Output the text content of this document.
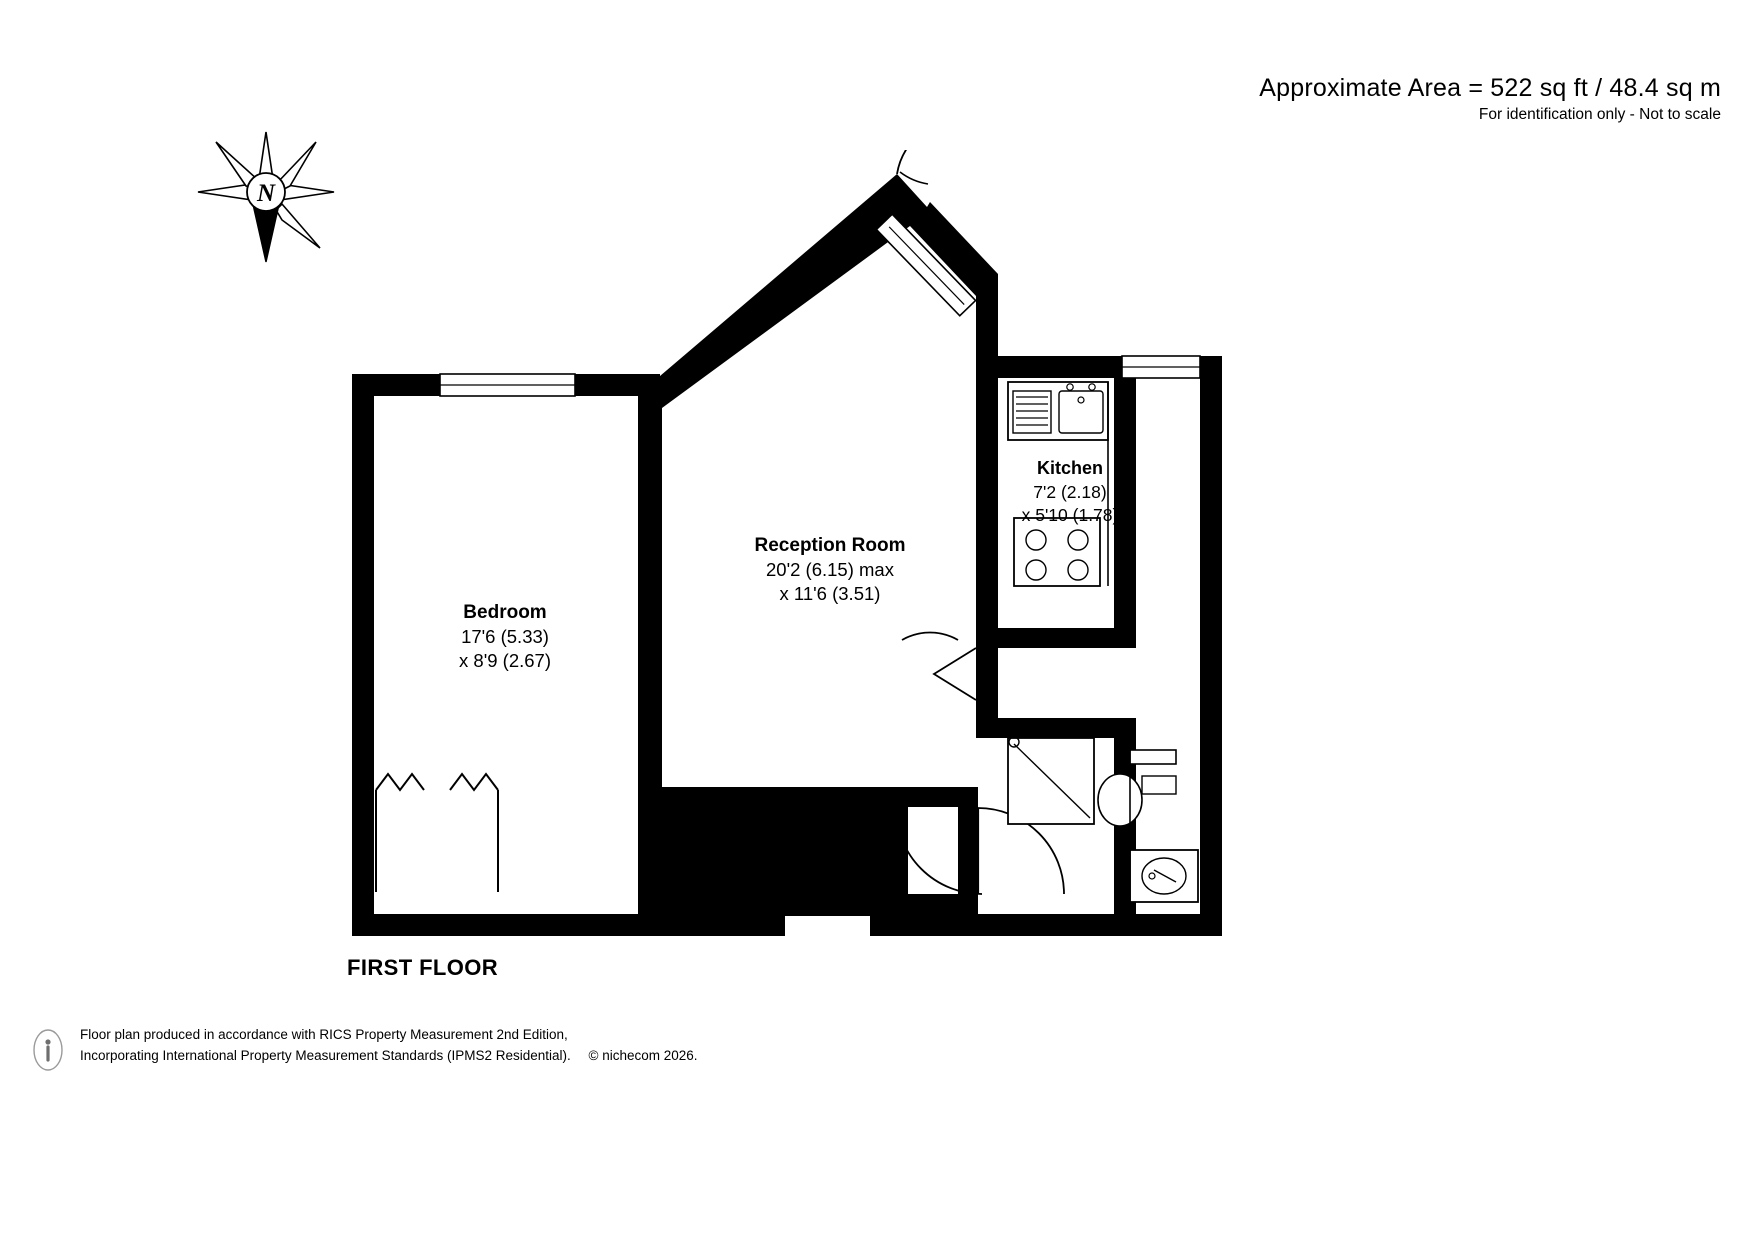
Approximate Area = 522 sq ft / 48.4 sq m
For identification only - Not to scale
N
Bedroom
17'6 (5.33)
x 8'9 (2.67)
Reception Room
20'2 (6.15) max
x 11'6 (3.51)
Kitchen
7'2 (2.18)
x 5'10 (1.78)
FIRST FLOOR
Floor plan produced in accordance with RICS Property Measurement 2nd Edition,
Incorporating International Property Measurement Standards (IPMS2 Residential). © nichecom 2026.
